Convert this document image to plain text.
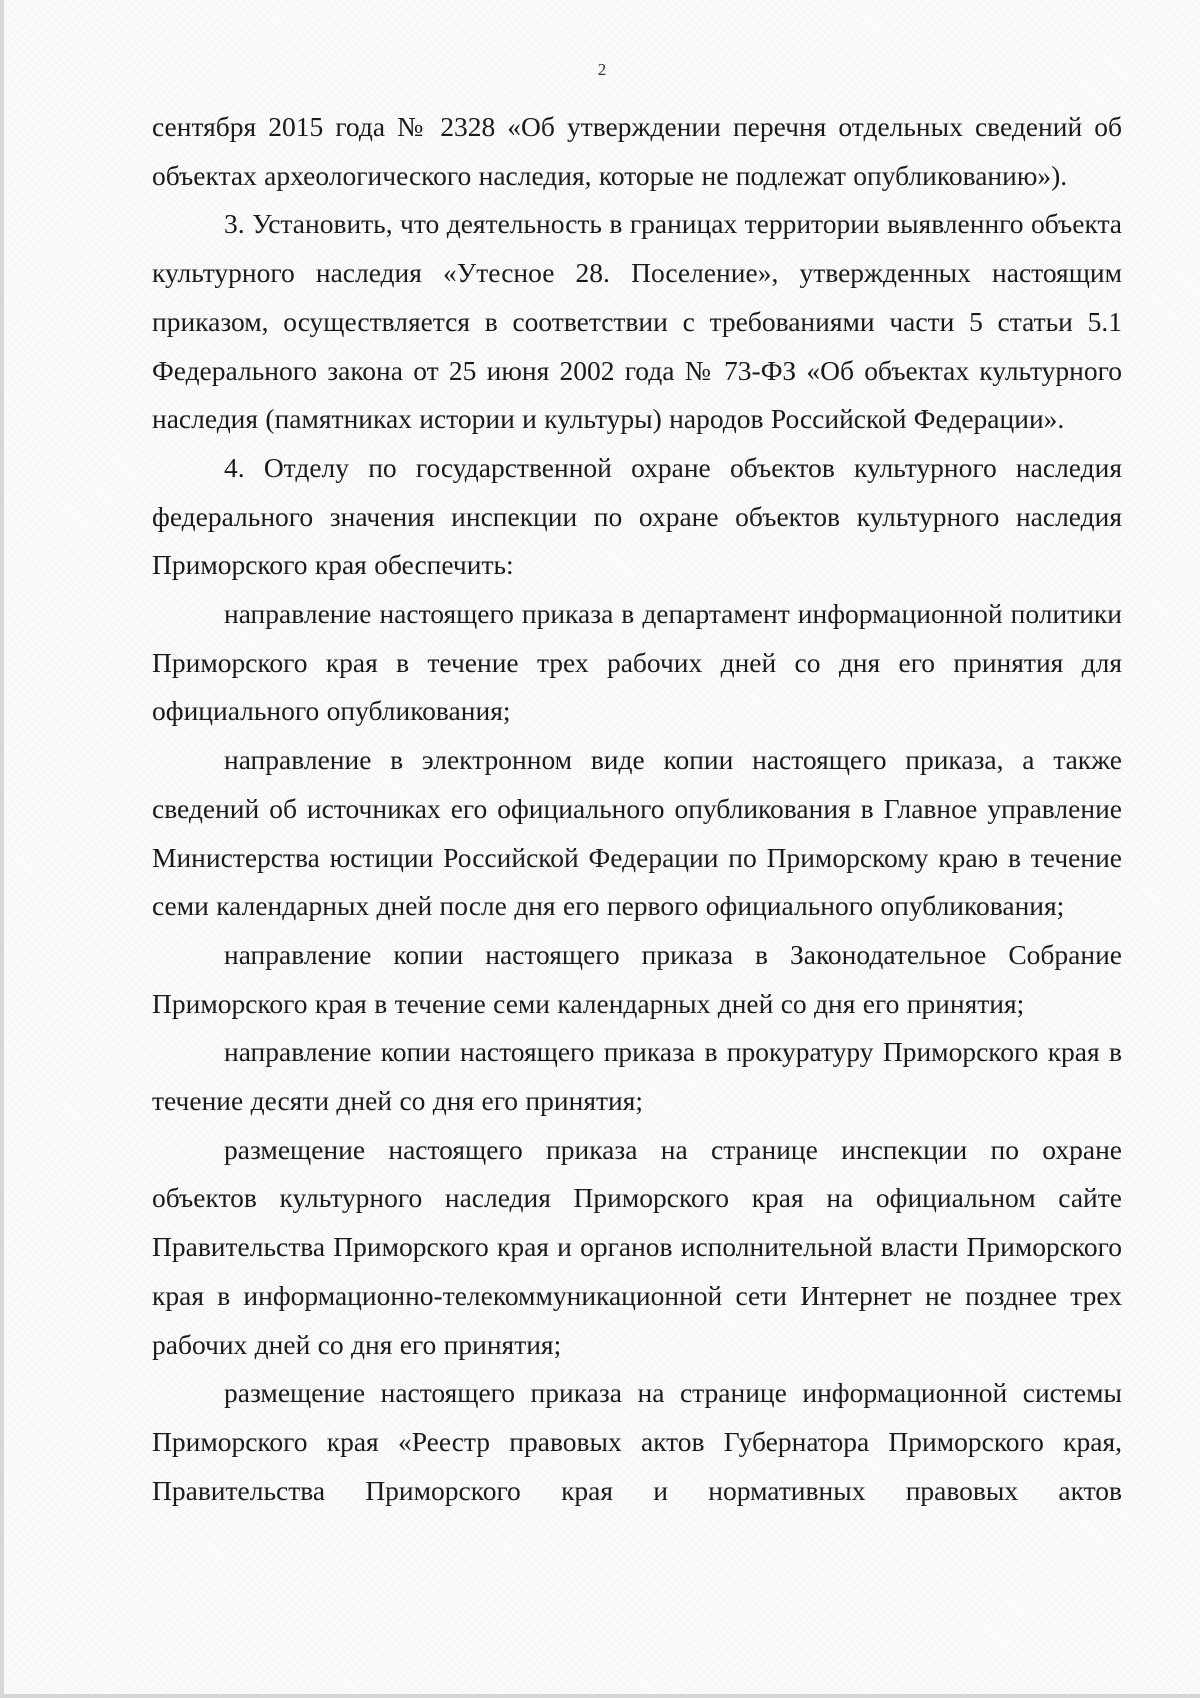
2

сентября 2015 года № 2328 «Об утверждении перечня отдельных сведений об объектах археологического наследия, которые не подлежат опубликованию»).

3. Установить, что деятельность в границах территории выявленнго объекта культурного наследия «Утесное 28. Поселение», утвержденных настоящим приказом, осуществляется в соответствии с требованиями части 5 статьи 5.1 Федерального закона от 25 июня 2002 года № 73-ФЗ «Об объектах культурного наследия (памятниках истории и культуры) народов Российской Федерации».

4. Отделу по государственной охране объектов культурного наследия федерального значения инспекции по охране объектов культурного наследия Приморского края обеспечить:

направление настоящего приказа в департамент информационной политики Приморского края в течение трех рабочих дней со дня его принятия для официального опубликования;

направление в электронном виде копии настоящего приказа, а также сведений об источниках его официального опубликования в Главное управление Министерства юстиции Российской Федерации по Приморскому краю в течение семи календарных дней после дня его первого официального опубликования;

направление копии настоящего приказа в Законодательное Собрание Приморского края в течение семи календарных дней со дня его принятия;

направление копии настоящего приказа в прокуратуру Приморского края в течение десяти дней со дня его принятия;

размещение настоящего приказа на странице инспекции по охране объектов культурного наследия Приморского края на официальном сайте Правительства Приморского края и органов исполнительной власти Приморского края в информационно-телекоммуникационной сети Интернет не позднее трех рабочих дней со дня его принятия;

размещение настоящего приказа на странице информационной системы Приморского края «Реестр правовых актов Губернатора Приморского края, Правительства Приморского края и нормативных правовых актов
